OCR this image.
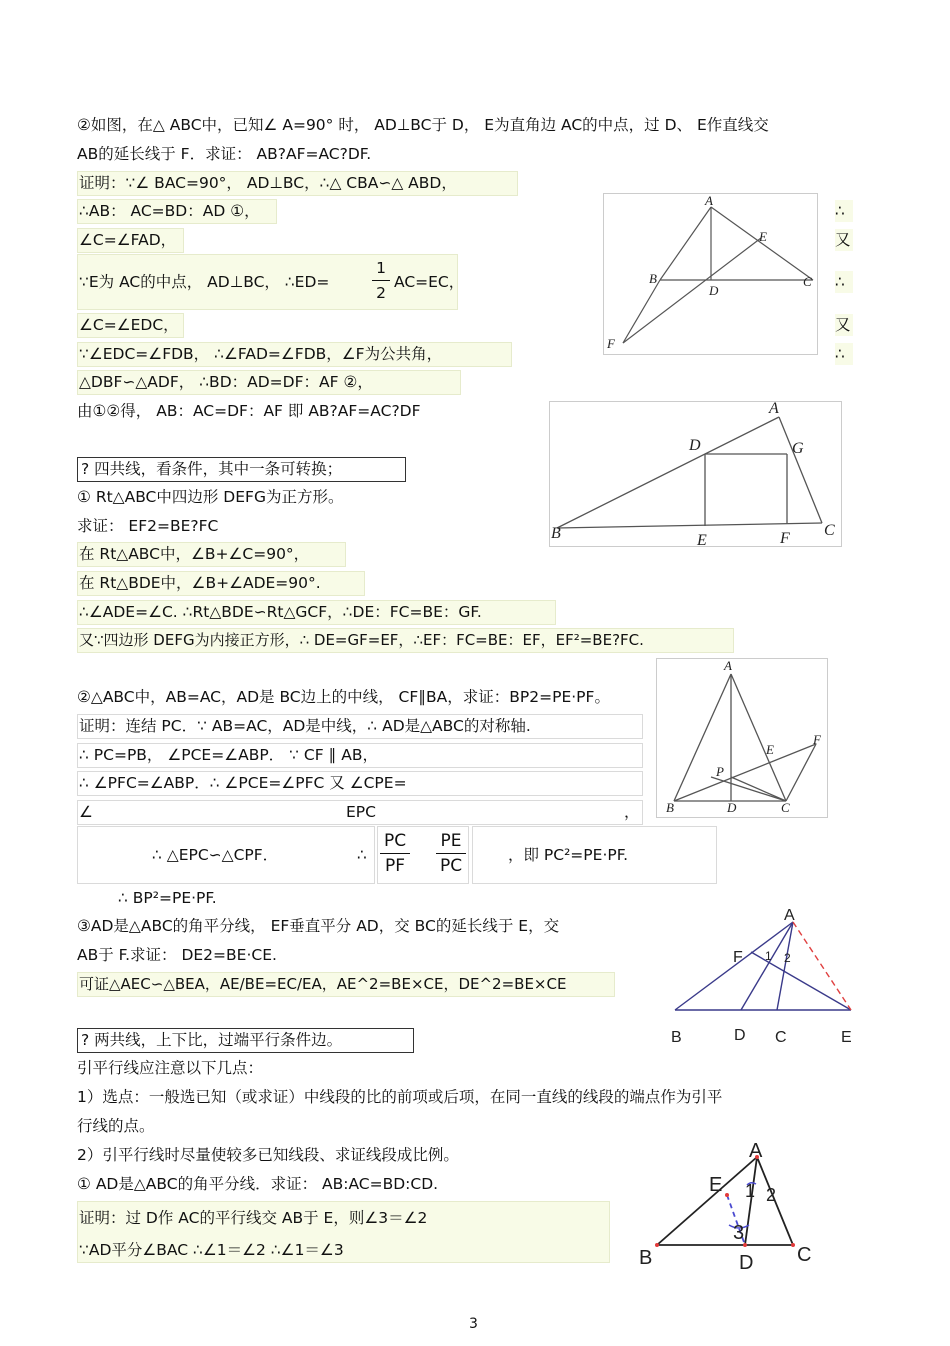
②如图，在△ ABC中，已知∠ A=90° 时， AD⊥BC于 D， E为直角边 AC的中点，过 D、 E作直线交
AB的延长线于 F．求证： AB?AF=AC?DF.
证明：∵∠ BAC=90°， AD⊥BC，∴△ CBA∽△ ABD，
∴AB： AC=BD：AD ①，
∠C=∠FAD，
∵E为 AC的中点， AD⊥BC， ∴ED=
1
2
AC=EC，
∠C=∠EDC，
∵∠EDC=∠FDB， ∴∠FAD=∠FDB，∠F为公共角，
△DBF∽△ADF， ∴BD：AD=DF：AF ②，
由①②得， AB：AC=DF：AF 即 AB?AF=AC?DF
∴
又
∴
又
∴
A
E
B
D
C
F
? 四共线，看条件，其中一条可转换；
① Rt△ABC中四边形 DEFG为正方形。
求证： EF2=BE?FC
在 Rt△ABC中，∠B+∠C=90°，
在 Rt△BDE中，∠B+∠ADE=90°.
∴∠ADE=∠C. ∴Rt△BDE∽Rt△GCF，∴DE：FC=BE：GF.
又∵四边形 DEFG为内接正方形，∴ DE=GF=EF，∴EF：FC=BE：EF，EF²=BE?FC.
A
D	G
B	E	F C
②△ABC中，AB=AC，AD是 BC边上的中线， CF∥BA，求证：BP2=PE·PF。
证明：连结 PC．∵ AB=AC，AD是中线，∴ AD是△ABC的对称轴.
∴ PC=PB， ∠PCE=∠ABP． ∵ CF ∥ AB，
∴ ∠PFC=∠ABP．∴ ∠PCE=∠PFC 又 ∠CPE=
∠	EPC	，
∴ △EPC∽△CPF．	∴
PC
PF
PE
PC
，即 PC²=PE·PF.
∴ BP²=PE·PF.
A
F
E
P
B	D	C
③AD是△ABC的角平分线， EF垂直平分 AD，交 BC的延长线于 E，交
AB于 F.求证： DE2=BE·CE.
可证△AEC∽△BEA，AE/BE=EC/EA，AE^2=BE×CE，DE^2=BE×CE
A
F 1 2
B	D C	E
? 两共线，上下比，过端平行条件边。
引平行线应注意以下几点：
1）选点：一般选已知（或求证）中线段的比的前项或后项，在同一直线的线段的端点作为引平
行线的点。
2）引平行线时尽量使较多已知线段、求证线段成比例。
① AD是△ABC的角平分线．求证： AB:AC=BD:CD.
证明：过 D作 AC的平行线交 AB于 E，则∠3＝∠2
∵AD平分∠BAC ∴∠1＝∠2 ∴∠1＝∠3
A
E 1 2
3
B	D C
3
